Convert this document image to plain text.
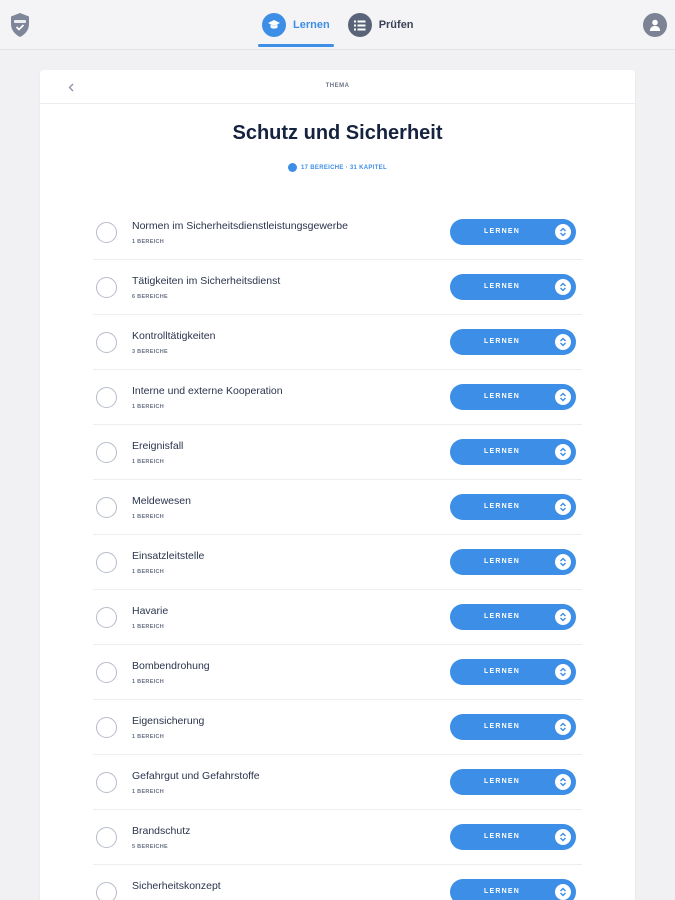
Lernen	Prüfen
THEMA
Schutz und Sicherheit
17 BEREICHE · 31 KAPITEL
Normen im Sicherheitsdienstleistungsgewerbe
1 BEREICH
LERNEN
Tätigkeiten im Sicherheitsdienst
6 BEREICHE
LERNEN
Kontrolltätigkeiten
3 BEREICHE
LERNEN
Interne und externe Kooperation
1 BEREICH
LERNEN
Ereignisfall
1 BEREICH
LERNEN
Meldewesen
1 BEREICH
LERNEN
Einsatzleitstelle
1 BEREICH
LERNEN
Havarie
1 BEREICH
LERNEN
Bombendrohung
1 BEREICH
LERNEN
Eigensicherung
1 BEREICH
LERNEN
Gefahrgut und Gefahrstoffe
1 BEREICH
LERNEN
Brandschutz
5 BEREICHE
LERNEN
Sicherheitskonzept	LERNEN
